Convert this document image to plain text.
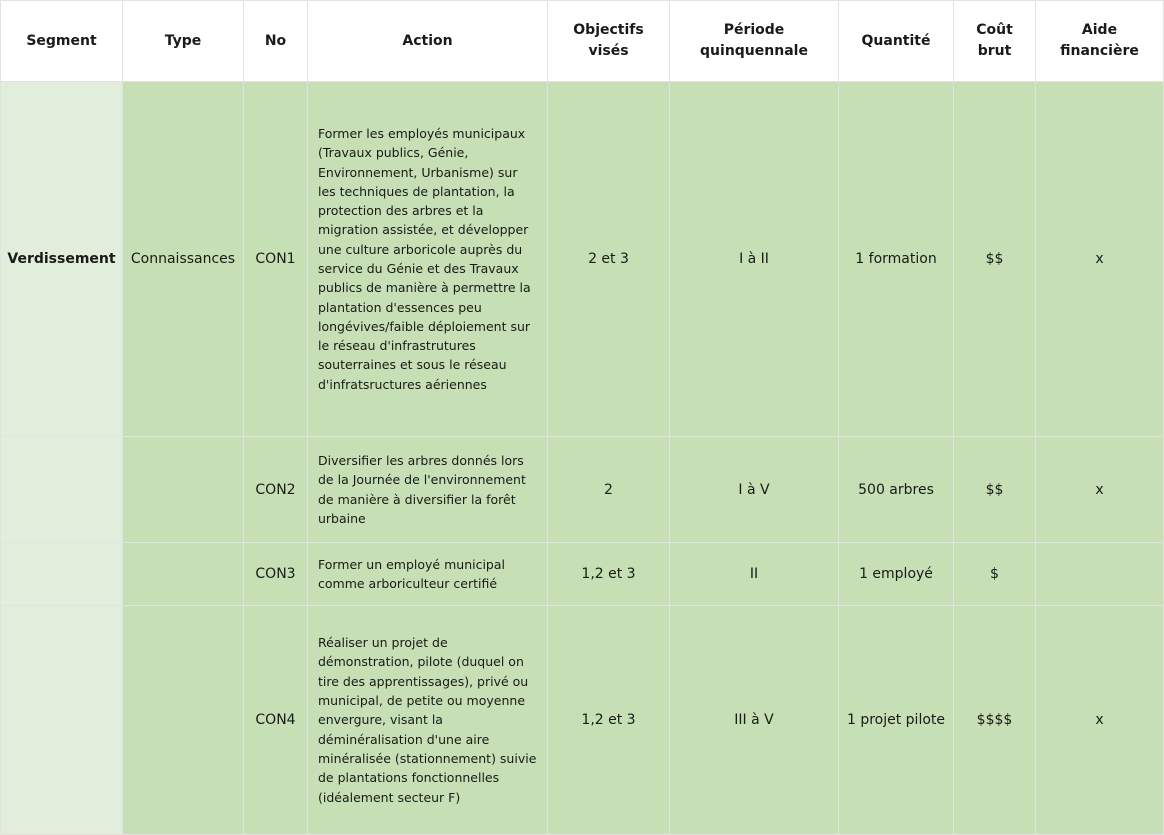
Segment	Type	No	Action	Objectifs visés	Période quinquennale	Quantité	Coût brut	Aide financière
Verdissement	Connaissances	CON1	Former les employés municipaux (Travaux publics, Génie, Environnement, Urbanisme) sur les techniques de plantation, la protection des arbres et la migration assistée, et développer une culture arboricole auprès du service du Génie et des Travaux publics de manière à permettre la plantation d'essences peu longévives/faible déploiement sur le réseau d'infrastrutures souterraines et sous le réseau d'infratsructures aériennes	2 et 3	I à II	1 formation	$$	x
		CON2	Diversifier les arbres donnés lors de la Journée de l'environnement de manière à diversifier la forêt urbaine	2	I à V	500 arbres	$$	x
		CON3	Former un employé municipal comme arboriculteur certifié	1,2 et 3	II	1 employé	$	
		CON4	Réaliser un projet de démonstration, pilote (duquel on tire des apprentissages), privé ou municipal, de petite ou moyenne envergure, visant la déminéralisation d'une aire minéralisée (stationnement) suivie de plantations fonctionnelles (idéalement secteur F)	1,2 et 3	III à V	1 projet pilote	$$$$	x
